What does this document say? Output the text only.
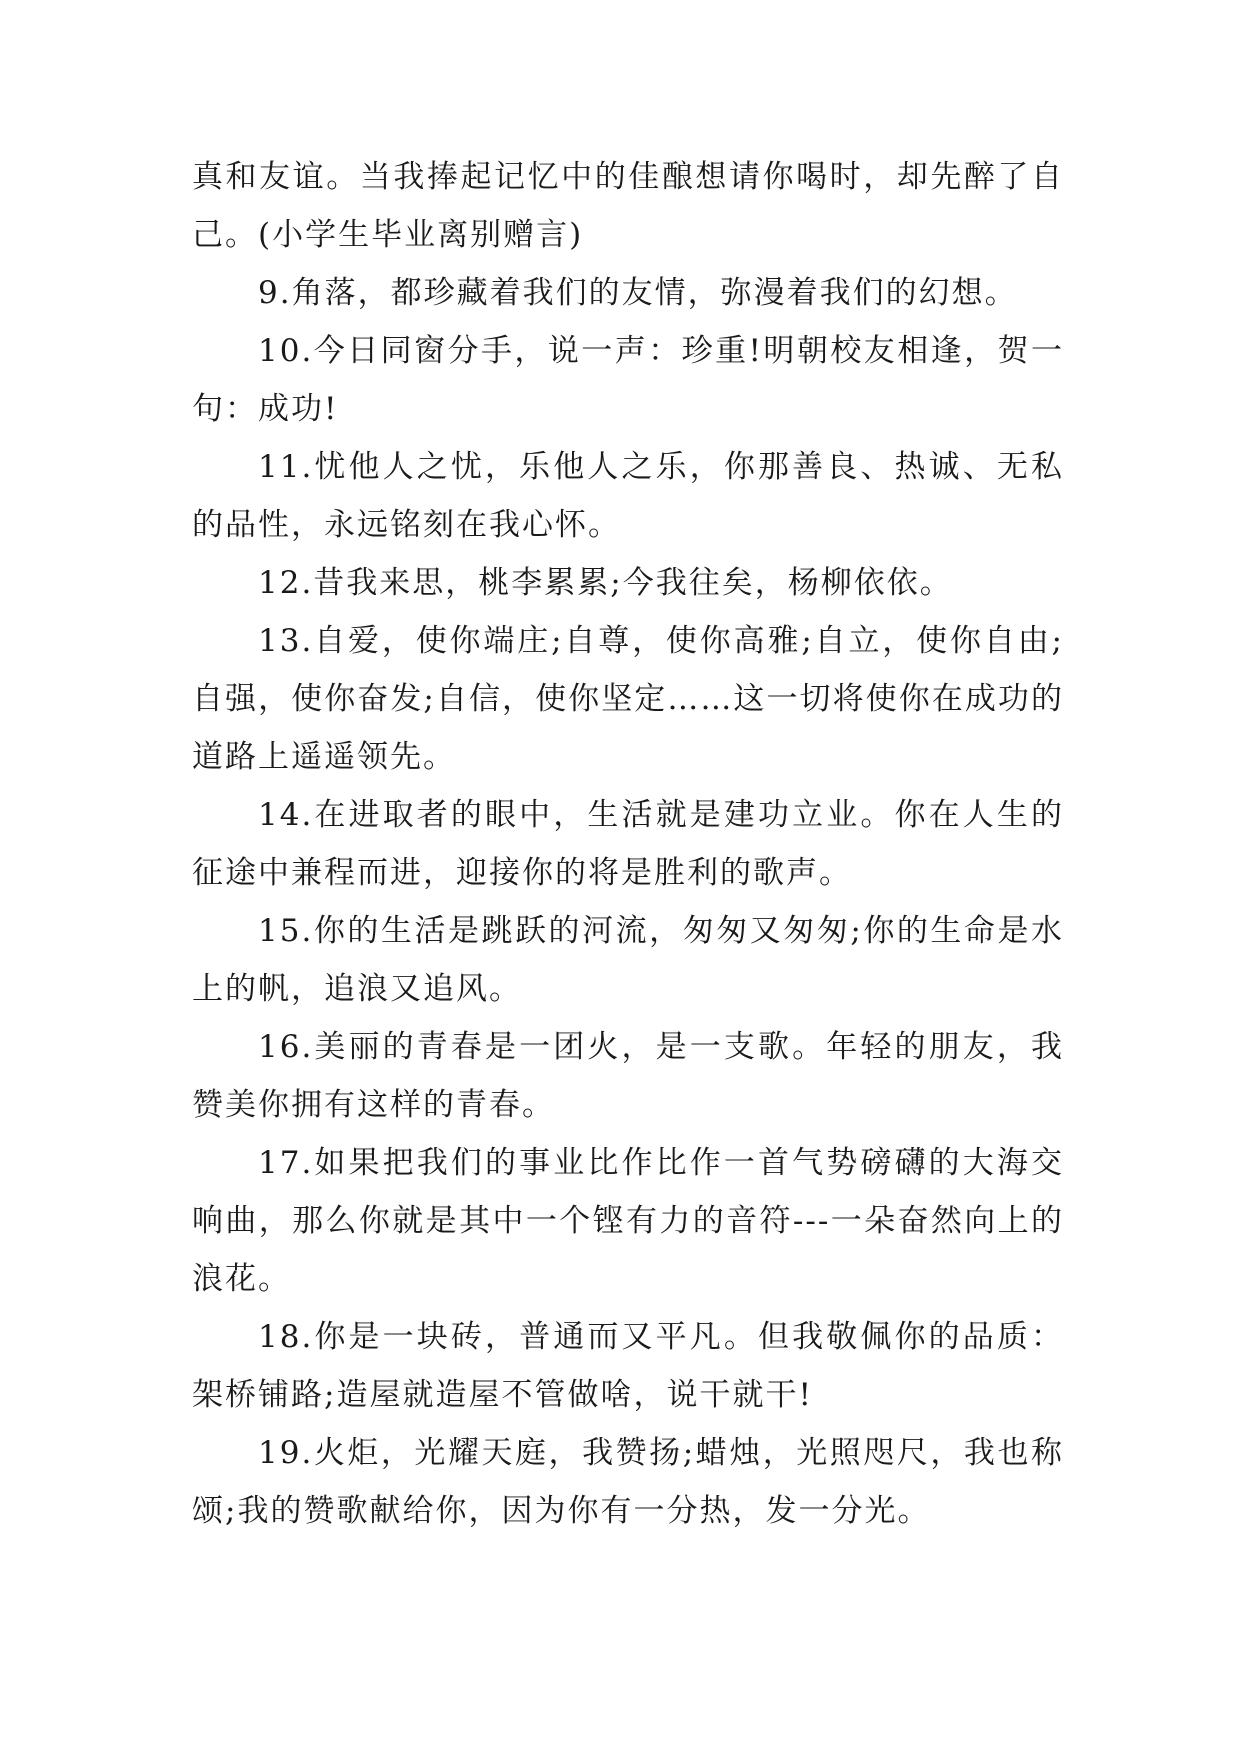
真和友谊。当我捧起记忆中的佳酿想请你喝时，却先醉了自己。(小学生毕业离别赠言)

9.角落，都珍藏着我们的友情，弥漫着我们的幻想。

10.今日同窗分手，说一声：珍重!明朝校友相逢，贺一句：成功!

11.忧他人之忧，乐他人之乐，你那善良、热诚、无私的品性，永远铭刻在我心怀。

12.昔我来思，桃李累累;今我往矣，杨柳依依。

13.自爱，使你端庄;自尊，使你高雅;自立，使你自由;自强，使你奋发;自信，使你坚定……这一切将使你在成功的道路上遥遥领先。

14.在进取者的眼中，生活就是建功立业。你在人生的征途中兼程而进，迎接你的将是胜利的歌声。

15.你的生活是跳跃的河流，匆匆又匆匆;你的生命是水上的帆，追浪又追风。

16.美丽的青春是一团火，是一支歌。年轻的朋友，我赞美你拥有这样的青春。

17.如果把我们的事业比作比作一首气势磅礴的大海交响曲，那么你就是其中一个铿有力的音符---一朵奋然向上的浪花。

18.你是一块砖，普通而又平凡。但我敬佩你的品质：架桥铺路;造屋就造屋不管做啥，说干就干!

19.火炬，光耀天庭，我赞扬;蜡烛，光照咫尺，我也称颂;我的赞歌献给你，因为你有一分热，发一分光。
